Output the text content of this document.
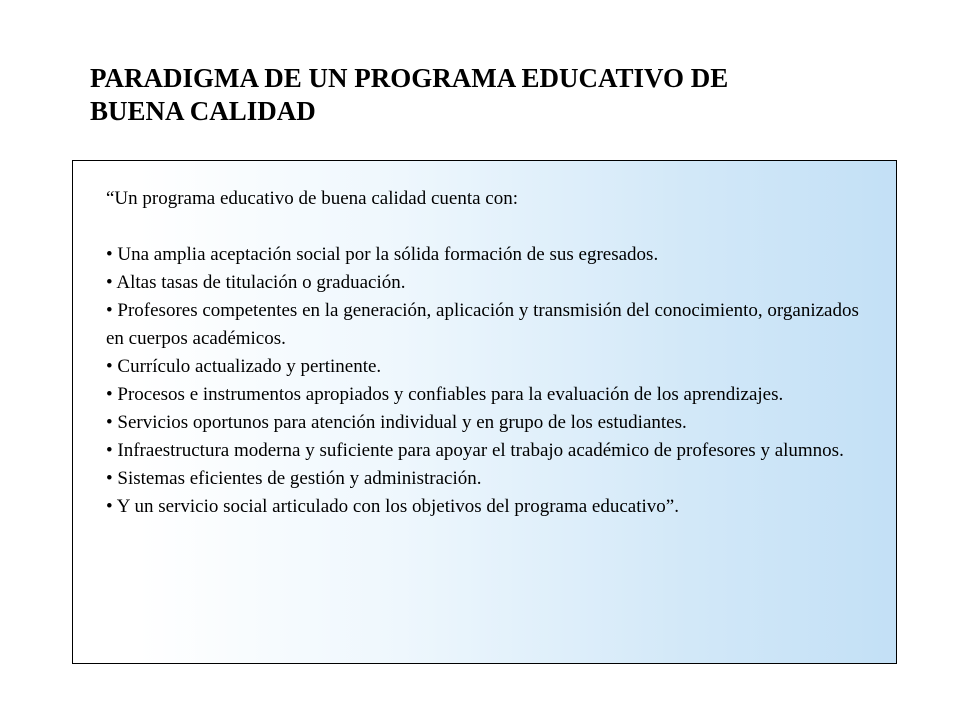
PARADIGMA DE UN PROGRAMA EDUCATIVO DE
BUENA CALIDAD

“Un programa educativo de buena calidad cuenta con:

• Una amplia aceptación social por la sólida formación de sus egresados.
• Altas tasas de titulación o graduación.
• Profesores competentes en la generación, aplicación y transmisión del conocimiento, organizados en cuerpos académicos.
• Currículo actualizado y pertinente.
• Procesos e instrumentos apropiados y confiables para la evaluación de los aprendizajes.
• Servicios oportunos para atención individual y en grupo de los estudiantes.
• Infraestructura moderna y suficiente para apoyar el trabajo académico de profesores y alumnos.
• Sistemas eficientes de gestión y administración.
• Y un servicio social articulado con los objetivos del programa educativo”.
